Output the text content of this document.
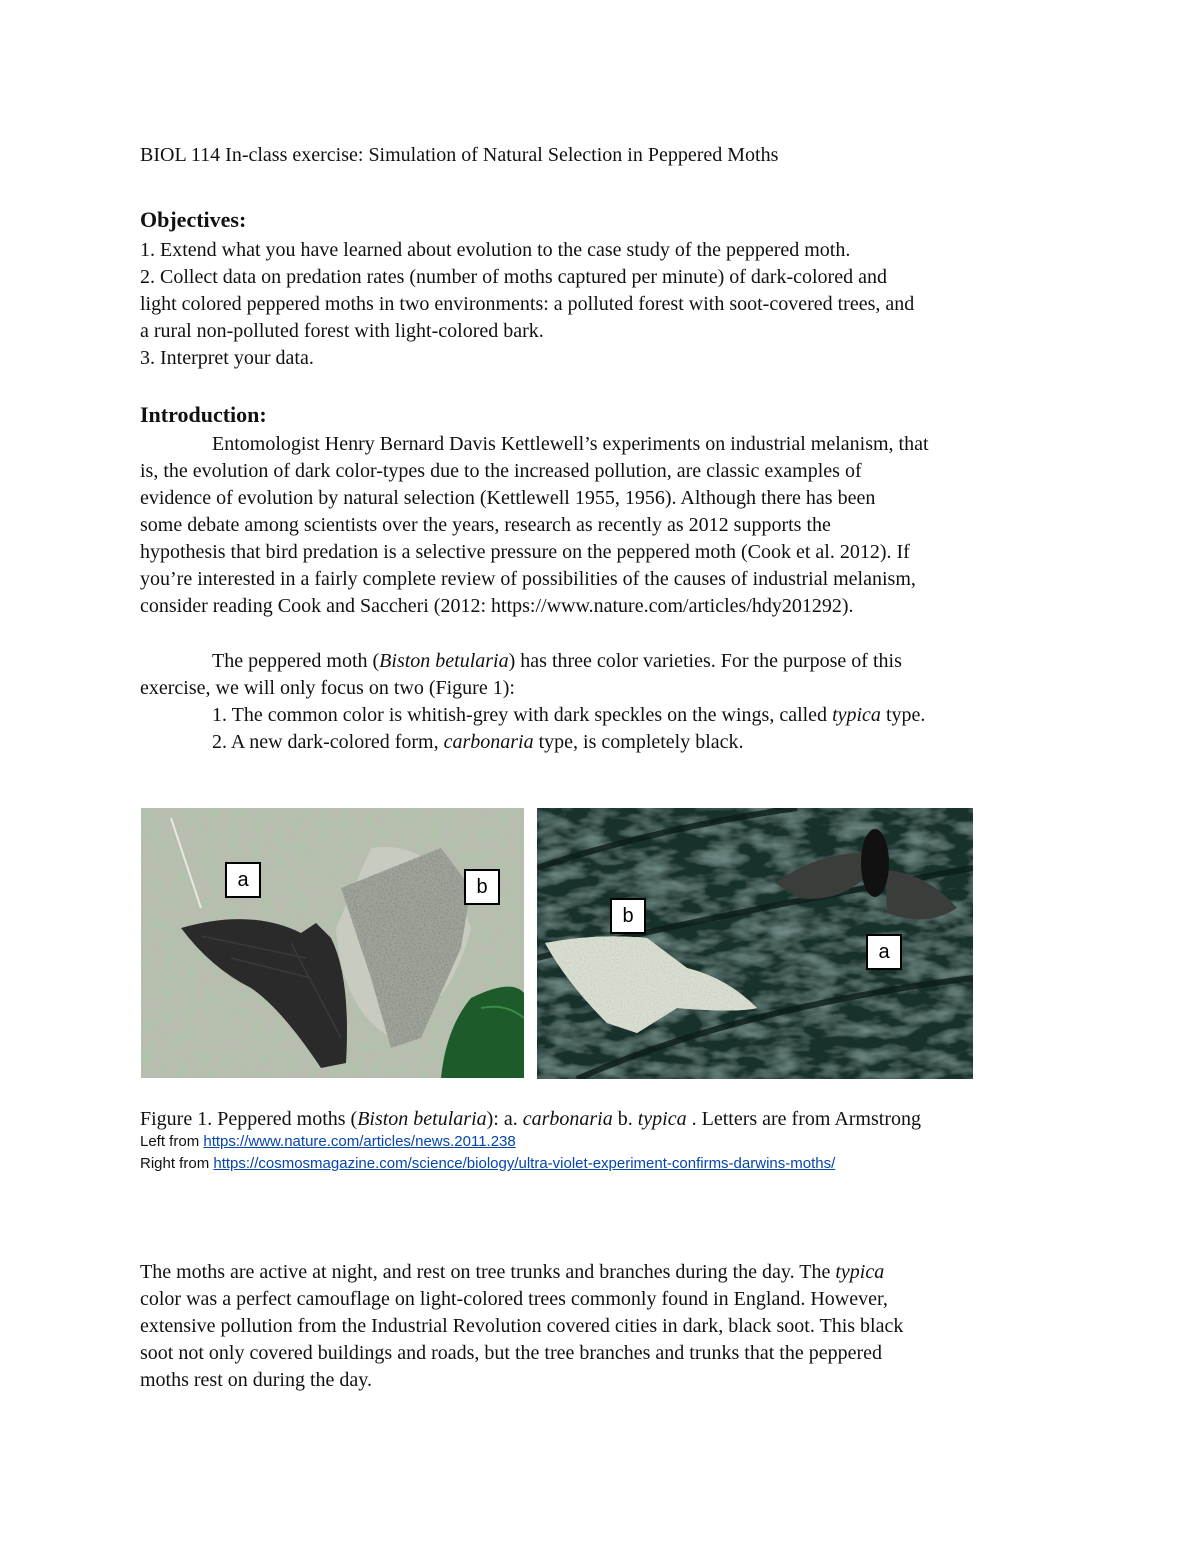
BIOL 114 In-class exercise: Simulation of Natural Selection in Peppered Moths
Objectives:
1. Extend what you have learned about evolution to the case study of the peppered moth.
2. Collect data on predation rates (number of moths captured per minute) of dark-colored and
light colored peppered moths in two environments: a polluted forest with soot-covered trees, and
a rural non-polluted forest with light-colored bark.
3. Interpret your data.
Introduction:
Entomologist Henry Bernard Davis Kettlewell’s experiments on industrial melanism, that
is, the evolution of dark color-types due to the increased pollution, are classic examples of
evidence of evolution by natural selection (Kettlewell 1955, 1956). Although there has been
some debate among scientists over the years, research as recently as 2012 supports the
hypothesis that bird predation is a selective pressure on the peppered moth (Cook et al. 2012). If
you’re interested in a fairly complete review of possibilities of the causes of industrial melanism,
consider reading Cook and Saccheri (2012: https://www.nature.com/articles/hdy201292).
The peppered moth (Biston betularia) has three color varieties. For the purpose of this
exercise, we will only focus on two (Figure 1):
1. The common color is whitish-grey with dark speckles on the wings, called typica type.
2. A new dark-colored form, carbonaria type, is completely black.
a	b
b
a
Figure 1. Peppered moths (Biston betularia): a. carbonaria b. typica . Letters are from Armstrong
Left from https://www.nature.com/articles/news.2011.238
Right from https://cosmosmagazine.com/science/biology/ultra-violet-experiment-confirms-darwins-moths/
The moths are active at night, and rest on tree trunks and branches during the day. The typica
color was a perfect camouflage on light-colored trees commonly found in England. However,
extensive pollution from the Industrial Revolution covered cities in dark, black soot. This black
soot not only covered buildings and roads, but the tree branches and trunks that the peppered
moths rest on during the day.
